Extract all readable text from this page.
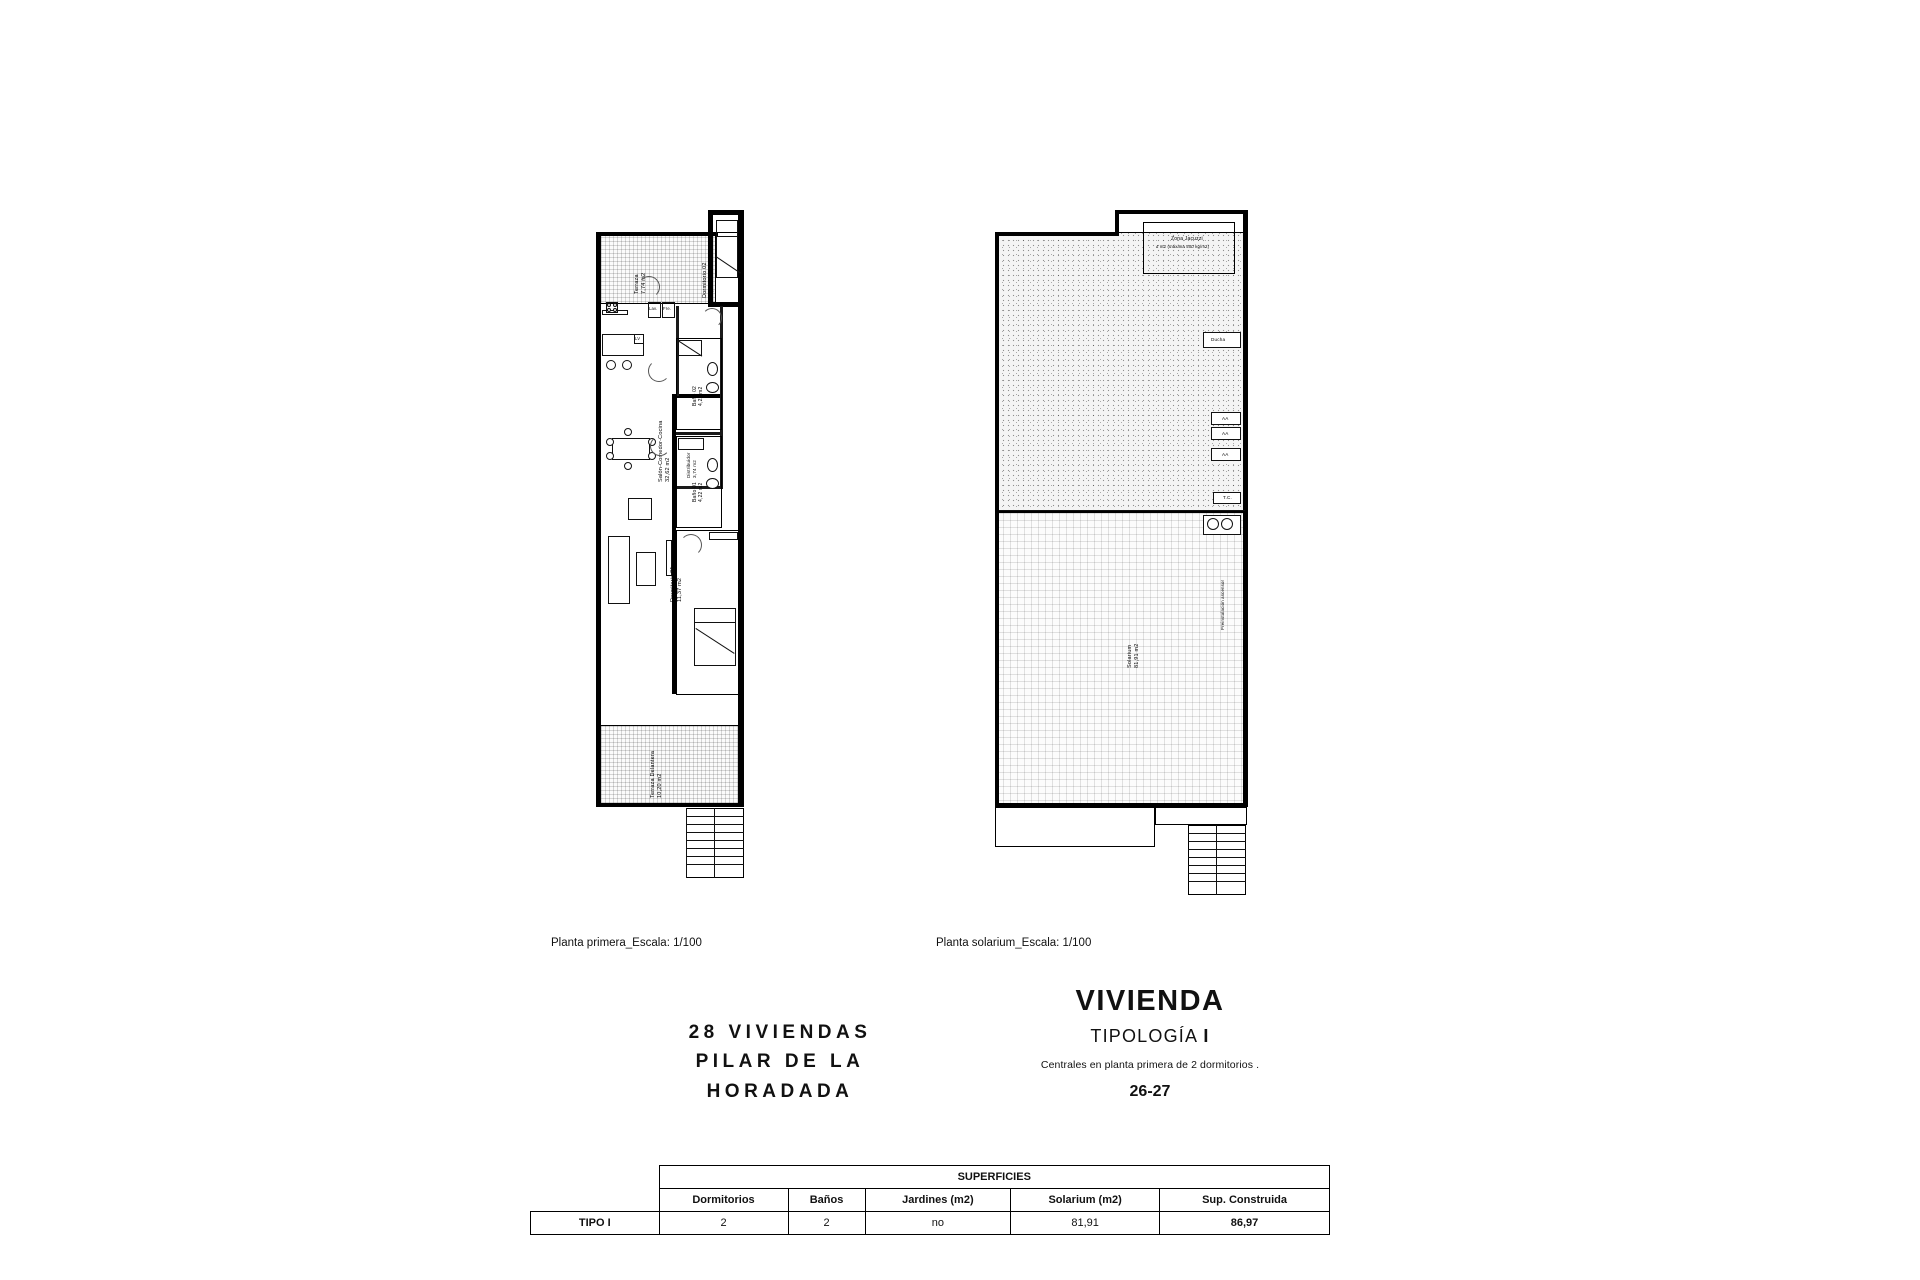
Dormitorio 02
11,13 m2
Terraza
7,74 m2
Fre.
Lav.
LV
Salón-Comedor-Cocina
32,62 m2	Distribuidor
3,74 m2
Baño 02
4,22 m2
Baño 01
4,22 m2
Dormitorio 01
11,37 m2
Terraza Delantera
10,20 m2
Planta primera_Escala: 1/100
Zona Jacuzzi
4 m2 (máxima 500 kg/m2)
Ducha
AA
AA
AA
T.C.
Preinstalación ascensor
Solarium
81,91 m2
Planta solarium_Escala: 1/100
28 VIVIENDAS
PILAR DE LA
HORADADA
VIVIENDA
TIPOLOGÍA I
Centrales en planta primera de 2 dormitorios .
26-27
	SUPERFICIES				
	Dormitorios	Baños	Jardines (m2)	Solarium (m2)	Sup. Construida
TIPO I	2	2	no	81,91	86,97
